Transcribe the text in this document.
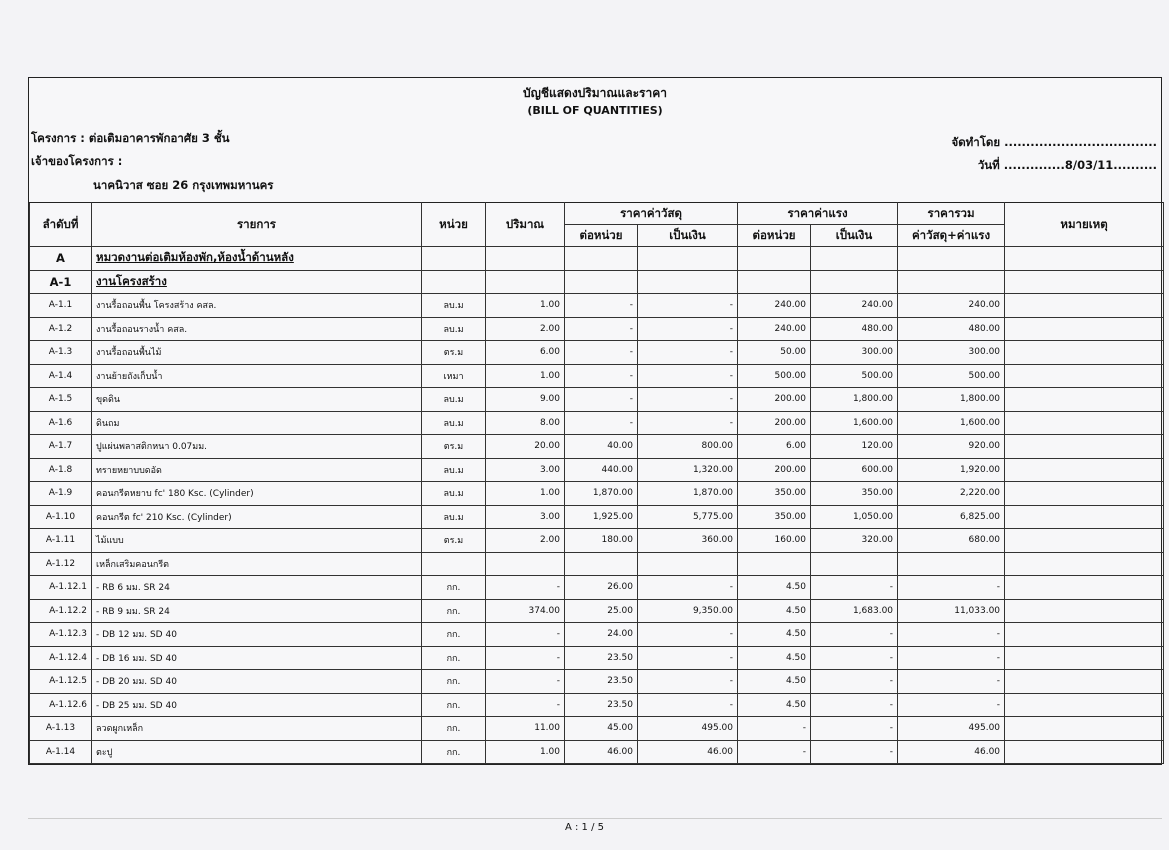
บัญชีแสดงปริมาณและราคา
(BILL OF QUANTITIES)
โครงการ : ต่อเติมอาคารพักอาศัย 3 ชั้น
เจ้าของโครงการ :
นาคนิวาส ซอย 26 กรุงเทพมหานคร
จัดทำโดย ...................................
วันที่ ..............8/03/11..........
ลำดับที่	รายการ	หน่วย	ปริมาณ	ราคาค่าวัสดุ		ราคาค่าแรง		ราคารวม	หมายเหตุ
				ต่อหน่วย	เป็นเงิน	ต่อหน่วย	เป็นเงิน	ค่าวัสดุ+ค่าแรง	
A	หมวดงานต่อเติมห้องพัก,ห้องน้ำด้านหลัง								
A-1	งานโครงสร้าง								
A-1.1	งานรื้อถอนพื้น โครงสร้าง คสล.	ลบ.ม	1.00	-	-	240.00	240.00	240.00	
A-1.2	งานรื้อถอนรางน้ำ คสล.	ลบ.ม	2.00	-	-	240.00	480.00	480.00	
A-1.3	งานรื้อถอนพื้นไม้	ตร.ม	6.00	-	-	50.00	300.00	300.00	
A-1.4	งานย้ายถังเก็บน้ำ	เหมา	1.00	-	-	500.00	500.00	500.00	
A-1.5	ขุดดิน	ลบ.ม	9.00	-	-	200.00	1,800.00	1,800.00	
A-1.6	ดินถม	ลบ.ม	8.00	-	-	200.00	1,600.00	1,600.00	
A-1.7	ปูแผ่นพลาสติกหนา 0.07มม.	ตร.ม	20.00	40.00	800.00	6.00	120.00	920.00	
A-1.8	ทรายหยาบบดอัด	ลบ.ม	3.00	440.00	1,320.00	200.00	600.00	1,920.00	
A-1.9	คอนกรีตหยาบ fc' 180 Ksc. (Cylinder)	ลบ.ม	1.00	1,870.00	1,870.00	350.00	350.00	2,220.00	
A-1.10	คอนกรีต fc' 210 Ksc. (Cylinder)	ลบ.ม	3.00	1,925.00	5,775.00	350.00	1,050.00	6,825.00	
A-1.11	ไม้แบบ	ตร.ม	2.00	180.00	360.00	160.00	320.00	680.00	
A-1.12	เหล็กเสริมคอนกรีต								
A-1.12.1	- RB 6 มม. SR 24	กก.	-	26.00	-	4.50	-	-	
A-1.12.2	- RB 9 มม. SR 24	กก.	374.00	25.00	9,350.00	4.50	1,683.00	11,033.00	
A-1.12.3	- DB 12 มม. SD 40	กก.	-	24.00	-	4.50	-	-	
A-1.12.4	- DB 16 มม. SD 40	กก.	-	23.50	-	4.50	-	-	
A-1.12.5	- DB 20 มม. SD 40	กก.	-	23.50	-	4.50	-	-	
A-1.12.6	- DB 25 มม. SD 40	กก.	-	23.50	-	4.50	-	-	
A-1.13	ลวดผูกเหล็ก	กก.	11.00	45.00	495.00	-	-	495.00	
A-1.14	ตะปู	กก.	1.00	46.00	46.00	-	-	46.00	
A : 1 / 5
